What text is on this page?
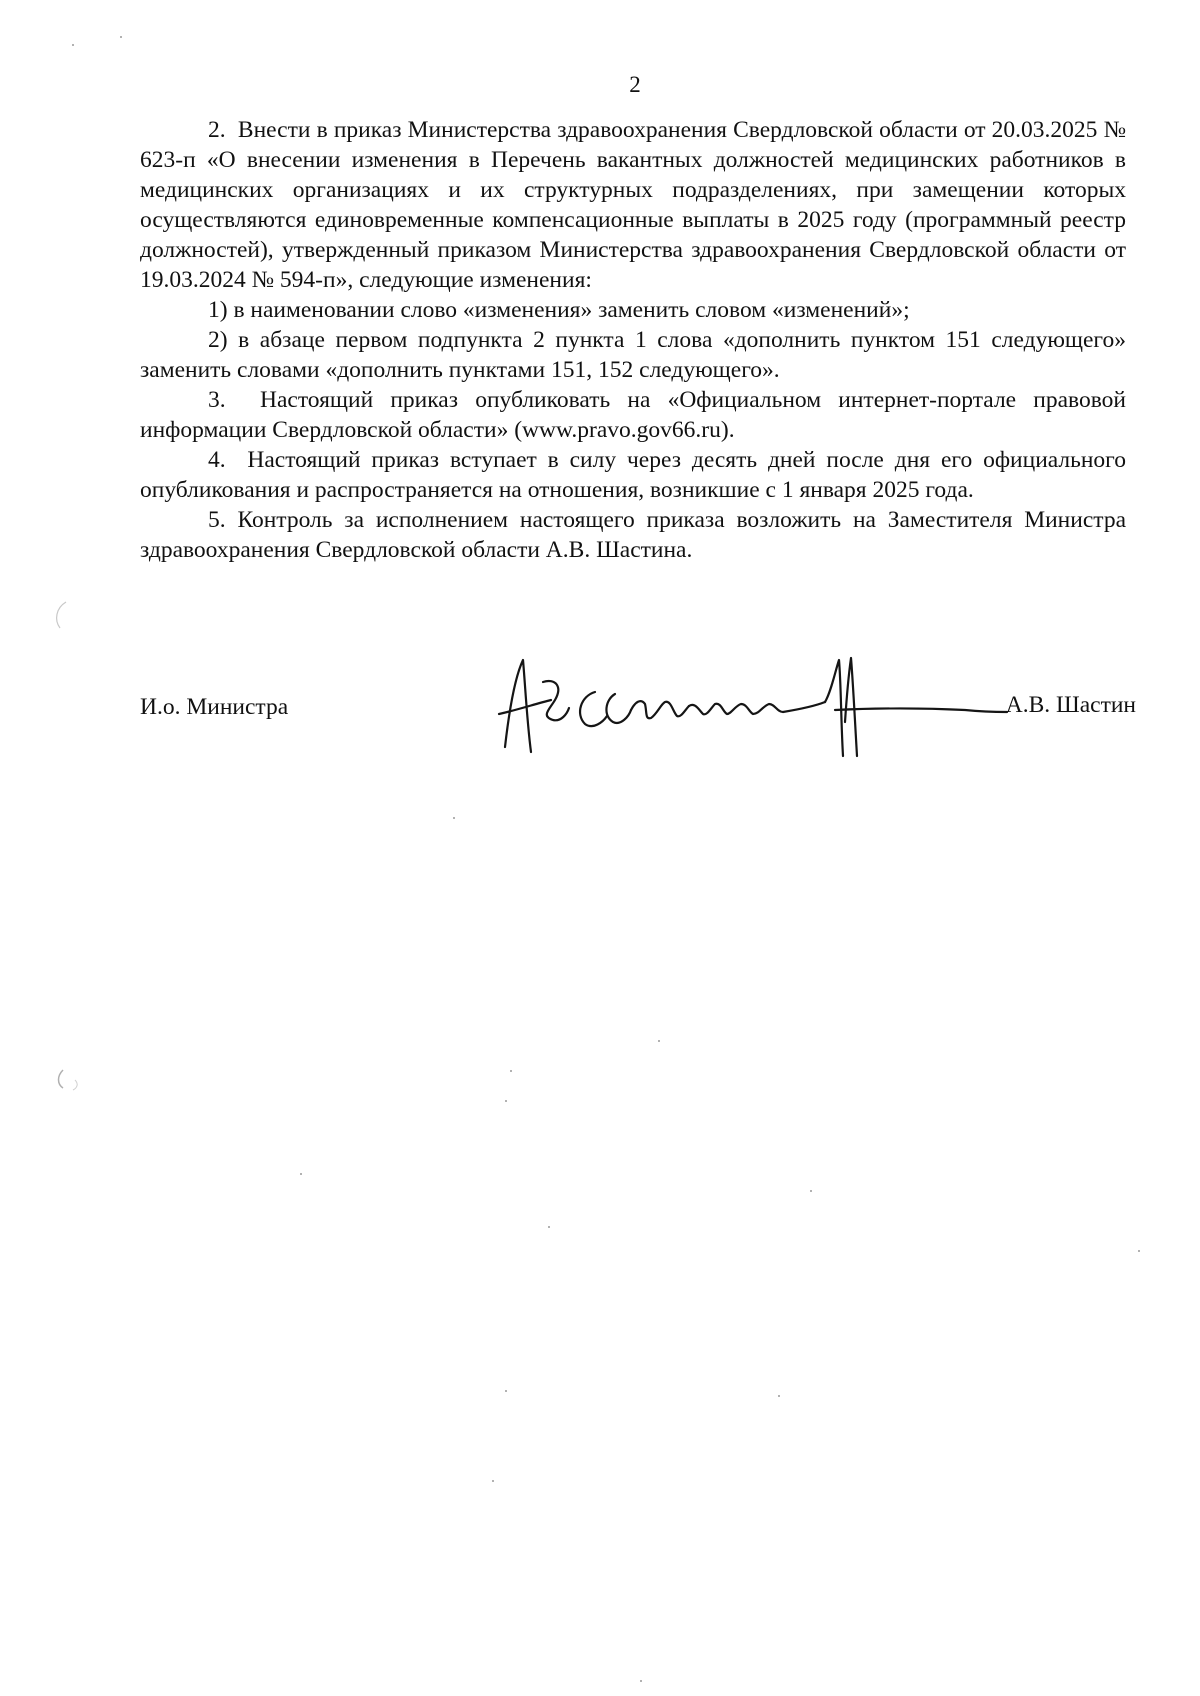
2

2.  Внести в приказ Министерства здравоохранения Свердловской области от 20.03.2025 № 623-п «О внесении изменения в Перечень вакантных должностей медицинских работников в медицинских организациях и их структурных подразделениях, при замещении которых осуществляются единовременные компенсационные выплаты в 2025 году (программный реестр должностей), утвержденный приказом Министерства здравоохранения Свердловской области от 19.03.2024 № 594-п», следующие изменения:

1) в наименовании слово «изменения» заменить словом «изменений»;

2) в абзаце первом подпункта 2 пункта 1 слова «дополнить пунктом 151 следующего» заменить словами «дополнить пунктами 151, 152 следующего».

3.  Настоящий приказ опубликовать на «Официальном интернет-портале правовой информации Свердловской области» (www.pravo.gov66.ru).

4.  Настоящий приказ вступает в силу через десять дней после дня его официального опубликования и распространяется на отношения, возникшие с 1 января 2025 года.

5. Контроль за исполнением настоящего приказа возложить на Заместителя Министра здравоохранения Свердловской области А.В. Шастина.

И.о. Министра	А.В. Шастин
